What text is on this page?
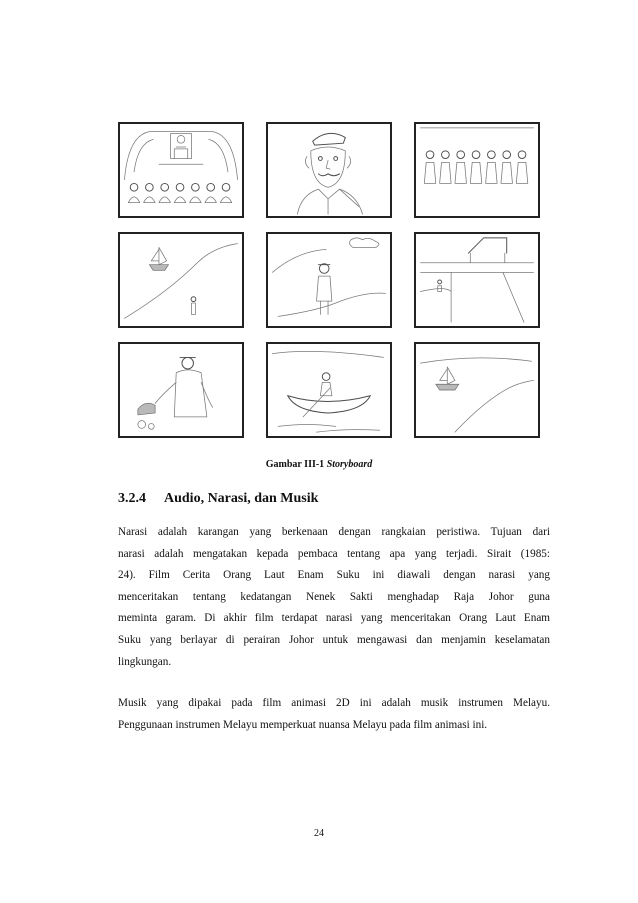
Gambar III-1 Storyboard
3.2.4 Audio, Narasi, dan Musik
Narasi adalah karangan yang berkenaan dengan rangkaian peristiwa. Tujuan dari
narasi adalah mengatakan kepada pembaca tentang apa yang terjadi. Sirait (1985:
24). Film Cerita Orang Laut Enam Suku ini diawali dengan narasi yang
menceritakan tentang kedatangan Nenek Sakti menghadap Raja Johor guna
meminta garam. Di akhir film terdapat narasi yang menceritakan Orang Laut Enam
Suku yang berlayar di perairan Johor untuk mengawasi dan menjamin keselamatan
lingkungan.
Musik yang dipakai pada film animasi 2D ini adalah musik instrumen Melayu.
Penggunaan instrumen Melayu memperkuat nuansa Melayu pada film animasi ini.
24
